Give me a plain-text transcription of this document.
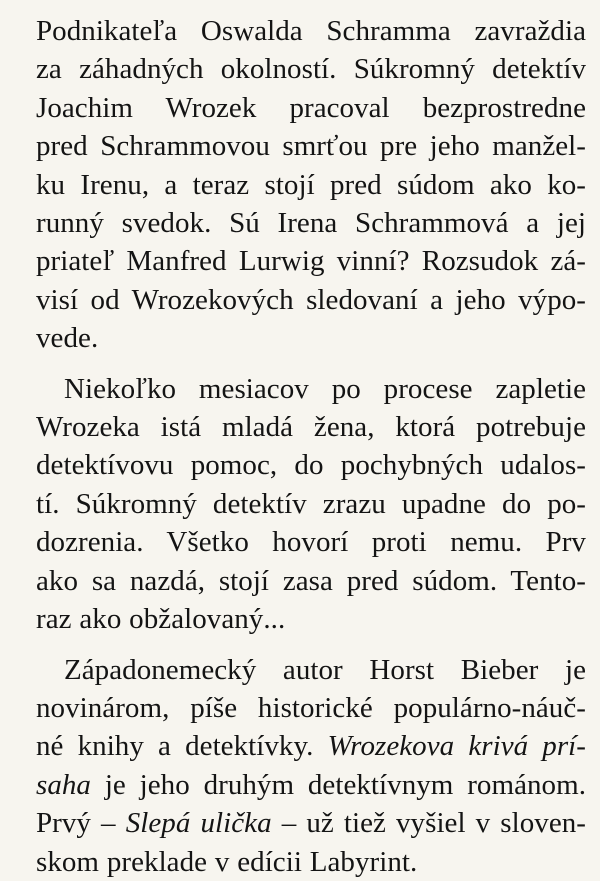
Podnikateľa Oswalda Schramma zavraždia
za záhadných okolností. Súkromný detektív
Joachim Wrozek pracoval bezprostredne
pred Schrammovou smrťou pre jeho manžel-
ku Irenu, a teraz stojí pred súdom ako ko-
runný svedok. Sú Irena Schrammová a jej
priateľ Manfred Lurwig vinní? Rozsudok zá-
visí od Wrozekových sledovaní a jeho výpo-
vede.

Niekoľko mesiacov po procese zapletie
Wrozeka istá mladá žena, ktorá potrebuje
detektívovu pomoc, do pochybných udalos-
tí. Súkromný detektív zrazu upadne do po-
dozrenia. Všetko hovorí proti nemu. Prv
ako sa nazdá, stojí zasa pred súdom. Tento-
raz ako obžalovaný...

Západonemecký autor Horst Bieber je
novinárom, píše historické populárno-náuč-
né knihy a detektívky. Wrozekova krivá prí-
saha je jeho druhým detektívnym románom.
Prvý – Slepá ulička – už tiež vyšiel v sloven-
skom preklade v edícii Labyrint.
